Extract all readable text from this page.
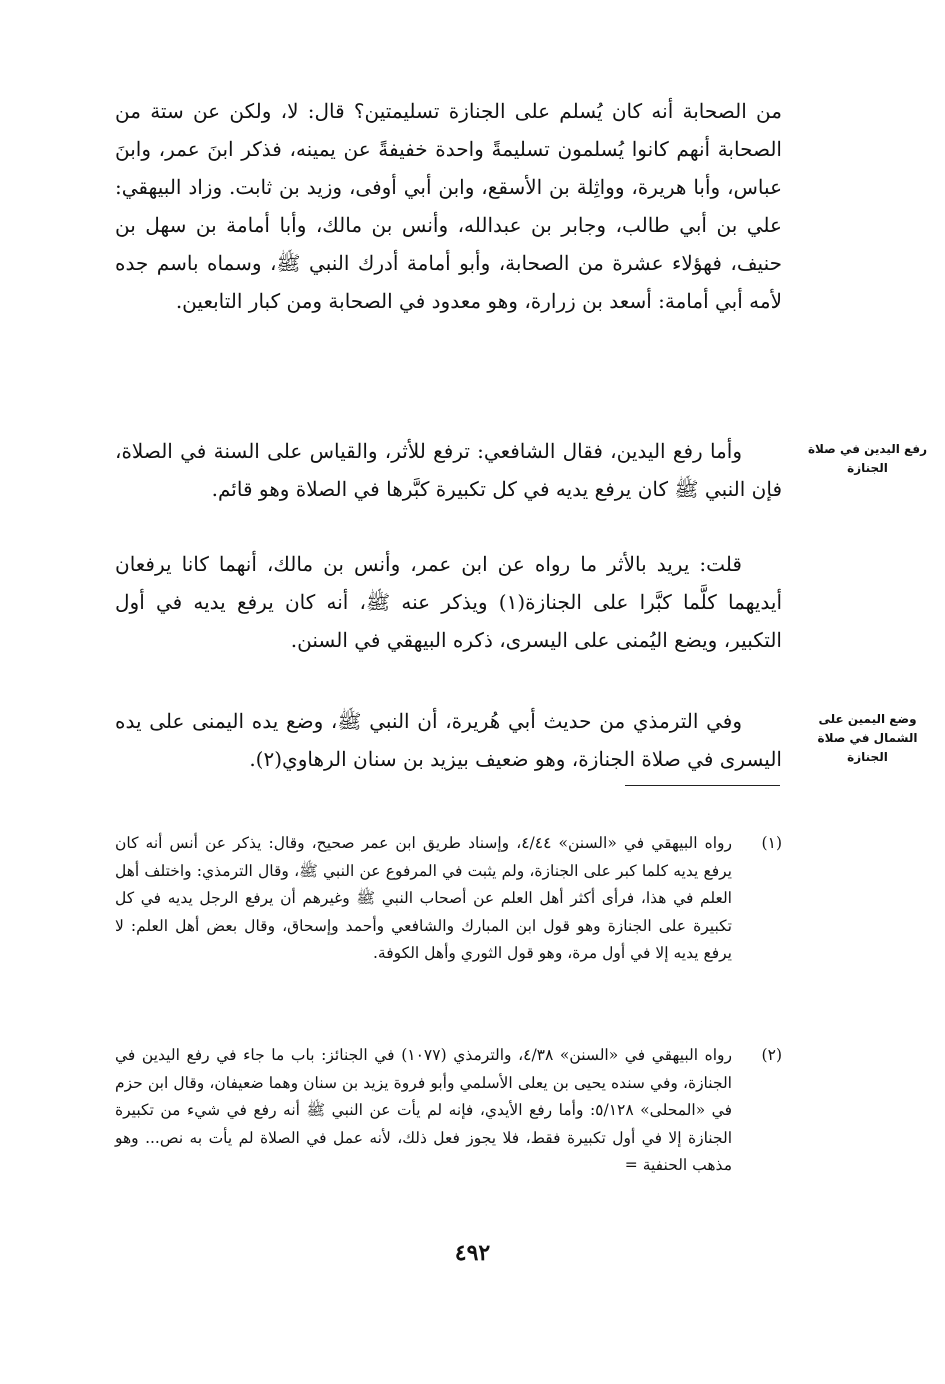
من الصحابة أنه كان يُسلم على الجنازة تسليمتين؟ قال: لا، ولكن عن ستة من الصحابة أنهم كانوا يُسلمون تسليمةً واحدة خفيفةً عن يمينه، فذكر ابنَ عمر، وابنَ عباس، وأبا هريرة، وواثِلة بن الأسقع، وابن أبي أوفى، وزيد بن ثابت. وزاد البيهقي: علي بن أبي طالب، وجابر بن عبدالله، وأنس بن مالك، وأبا أمامة بن سهل بن حنيف، فهؤلاء عشرة من الصحابة، وأبو أمامة أدرك النبي ﷺ، وسماه باسم جده لأمه أبي أمامة: أسعد بن زرارة، وهو معدود في الصحابة ومن كبار التابعين.

رفع اليدين في صلاة الجنازة

وأما رفع اليدين، فقال الشافعي: ترفع للأثر، والقياس على السنة في الصلاة، فإن النبي ﷺ كان يرفع يديه في كل تكبيرة كبَّرها في الصلاة وهو قائم.

قلت: يريد بالأثر ما رواه عن ابن عمر، وأنس بن مالك، أنهما كانا يرفعان أيديهما كلَّما كبَّرا على الجنازة(١) ويذكر عنه ﷺ، أنه كان يرفع يديه في أول التكبير، ويضع اليُمنى على اليسرى، ذكره البيهقي في السنن.

وضع اليمين على الشمال في صلاة الجنازة

وفي الترمذي من حديث أبي هُريرة، أن النبي ﷺ، وضع يده اليمنى على يده اليسرى في صلاة الجنازة، وهو ضعيف بيزيد بن سنان الرهاوي(٢).

(١)
رواه البيهقي في «السنن» ٤/٤٤، وإسناد طريق ابن عمر صحيح، وقال: يذكر عن أنس أنه كان يرفع يديه كلما كبر على الجنازة، ولم يثبت في المرفوع عن النبي ﷺ، وقال الترمذي: واختلف أهل العلم في هذا، فرأى أكثر أهل العلم عن أصحاب النبي ﷺ وغيرهم أن يرفع الرجل يديه في كل تكبيرة على الجنازة وهو قول ابن المبارك والشافعي وأحمد وإسحاق، وقال بعض أهل العلم: لا يرفع يديه إلا في أول مرة، وهو قول الثوري وأهل الكوفة.
(٢)
رواه البيهقي في «السنن» ٤/٣٨، والترمذي (١٠٧٧) في الجنائز: باب ما جاء في رفع اليدين في الجنازة، وفي سنده يحيى بن يعلى الأسلمي وأبو فروة يزيد بن سنان وهما ضعيفان، وقال ابن حزم في «المحلى» ٥/١٢٨: وأما رفع الأيدي، فإنه لم يأت عن النبي ﷺ أنه رفع في شيء من تكبيرة الجنازة إلا في أول تكبيرة فقط، فلا يجوز فعل ذلك، لأنه عمل في الصلاة لم يأت به نص... وهو مذهب الحنفية =
٤٩٢
